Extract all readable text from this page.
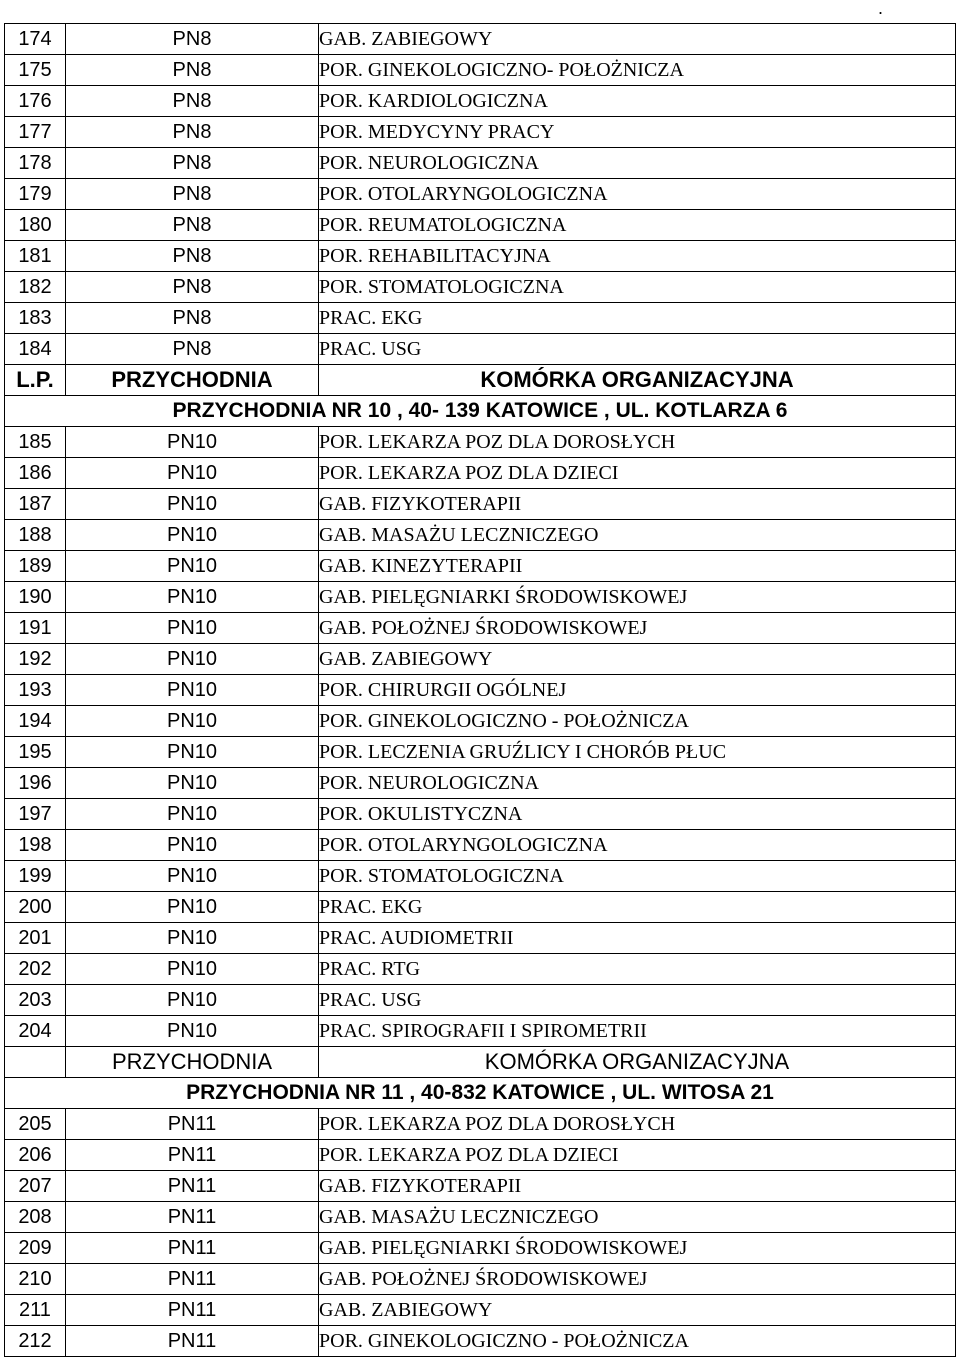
.
174	PN8	GAB. ZABIEGOWY
175	PN8	POR. GINEKOLOGICZNO- POŁOŻNICZA
176	PN8	POR. KARDIOLOGICZNA
177	PN8	POR. MEDYCYNY PRACY
178	PN8	POR. NEUROLOGICZNA
179	PN8	POR. OTOLARYNGOLOGICZNA
180	PN8	POR. REUMATOLOGICZNA
181	PN8	POR. REHABILITACYJNA
182	PN8	POR. STOMATOLOGICZNA
183	PN8	PRAC. EKG
184	PN8	PRAC. USG
L.P.	PRZYCHODNIA	KOMÓRKA ORGANIZACYJNA
PRZYCHODNIA NR 10 , 40- 139 KATOWICE , UL. KOTLARZA 6		
185	PN10	POR. LEKARZA POZ DLA DOROSŁYCH
186	PN10	POR. LEKARZA POZ DLA DZIECI
187	PN10	GAB. FIZYKOTERAPII
188	PN10	GAB. MASAŻU LECZNICZEGO
189	PN10	GAB. KINEZYTERAPII
190	PN10	GAB. PIELĘGNIARKI ŚRODOWISKOWEJ
191	PN10	GAB. POŁOŻNEJ ŚRODOWISKOWEJ
192	PN10	GAB. ZABIEGOWY
193	PN10	POR. CHIRURGII OGÓLNEJ
194	PN10	POR. GINEKOLOGICZNO - POŁOŻNICZA
195	PN10	POR. LECZENIA GRUŹLICY I CHORÓB PŁUC
196	PN10	POR. NEUROLOGICZNA
197	PN10	POR. OKULISTYCZNA
198	PN10	POR. OTOLARYNGOLOGICZNA
199	PN10	POR. STOMATOLOGICZNA
200	PN10	PRAC. EKG
201	PN10	PRAC. AUDIOMETRII
202	PN10	PRAC. RTG
203	PN10	PRAC. USG
204	PN10	PRAC. SPIROGRAFII I SPIROMETRII
	PRZYCHODNIA	KOMÓRKA ORGANIZACYJNA
PRZYCHODNIA NR 11 , 40-832 KATOWICE , UL. WITOSA 21		
205	PN11	POR. LEKARZA POZ DLA DOROSŁYCH
206	PN11	POR. LEKARZA POZ DLA DZIECI
207	PN11	GAB. FIZYKOTERAPII
208	PN11	GAB. MASAŻU LECZNICZEGO
209	PN11	GAB. PIELĘGNIARKI ŚRODOWISKOWEJ
210	PN11	GAB. POŁOŻNEJ ŚRODOWISKOWEJ
211	PN11	GAB. ZABIEGOWY
212	PN11	POR. GINEKOLOGICZNO - POŁOŻNICZA
